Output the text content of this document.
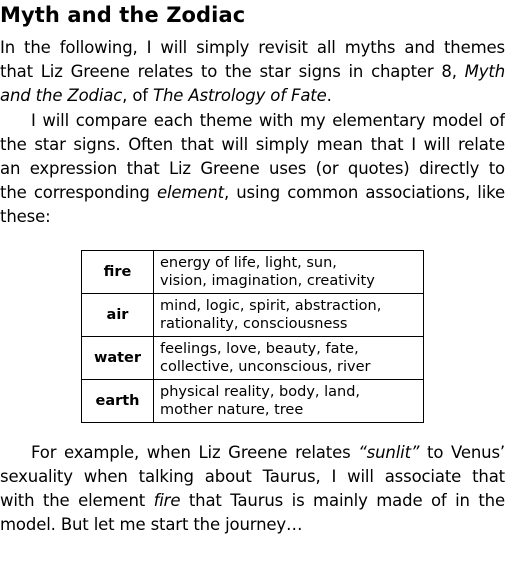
Myth and the Zodiac
In the following, I will simply revisit all myths and themes
that Liz Greene relates to the star signs in chapter 8, Myth
and the Zodiac, of The Astrology of Fate.
I will compare each theme with my elementary model of
the star signs. Often that will simply mean that I will relate
an expression that Liz Greene uses (or quotes) directly to
the corresponding element, using common associations, like
these:
fire	energy of life, light, sun,
vision, imagination, creativity

air	mind, logic, spirit, abstraction,
rationality, consciousness

water	feelings, love, beauty, fate,
collective, unconscious, river

earth	physical reality, body, land,
mother nature, tree
For example, when Liz Greene relates “sunlit” to Venus’
sexuality when talking about Taurus, I will associate that
with the element fire that Taurus is mainly made of in the
model. But let me start the journey…
